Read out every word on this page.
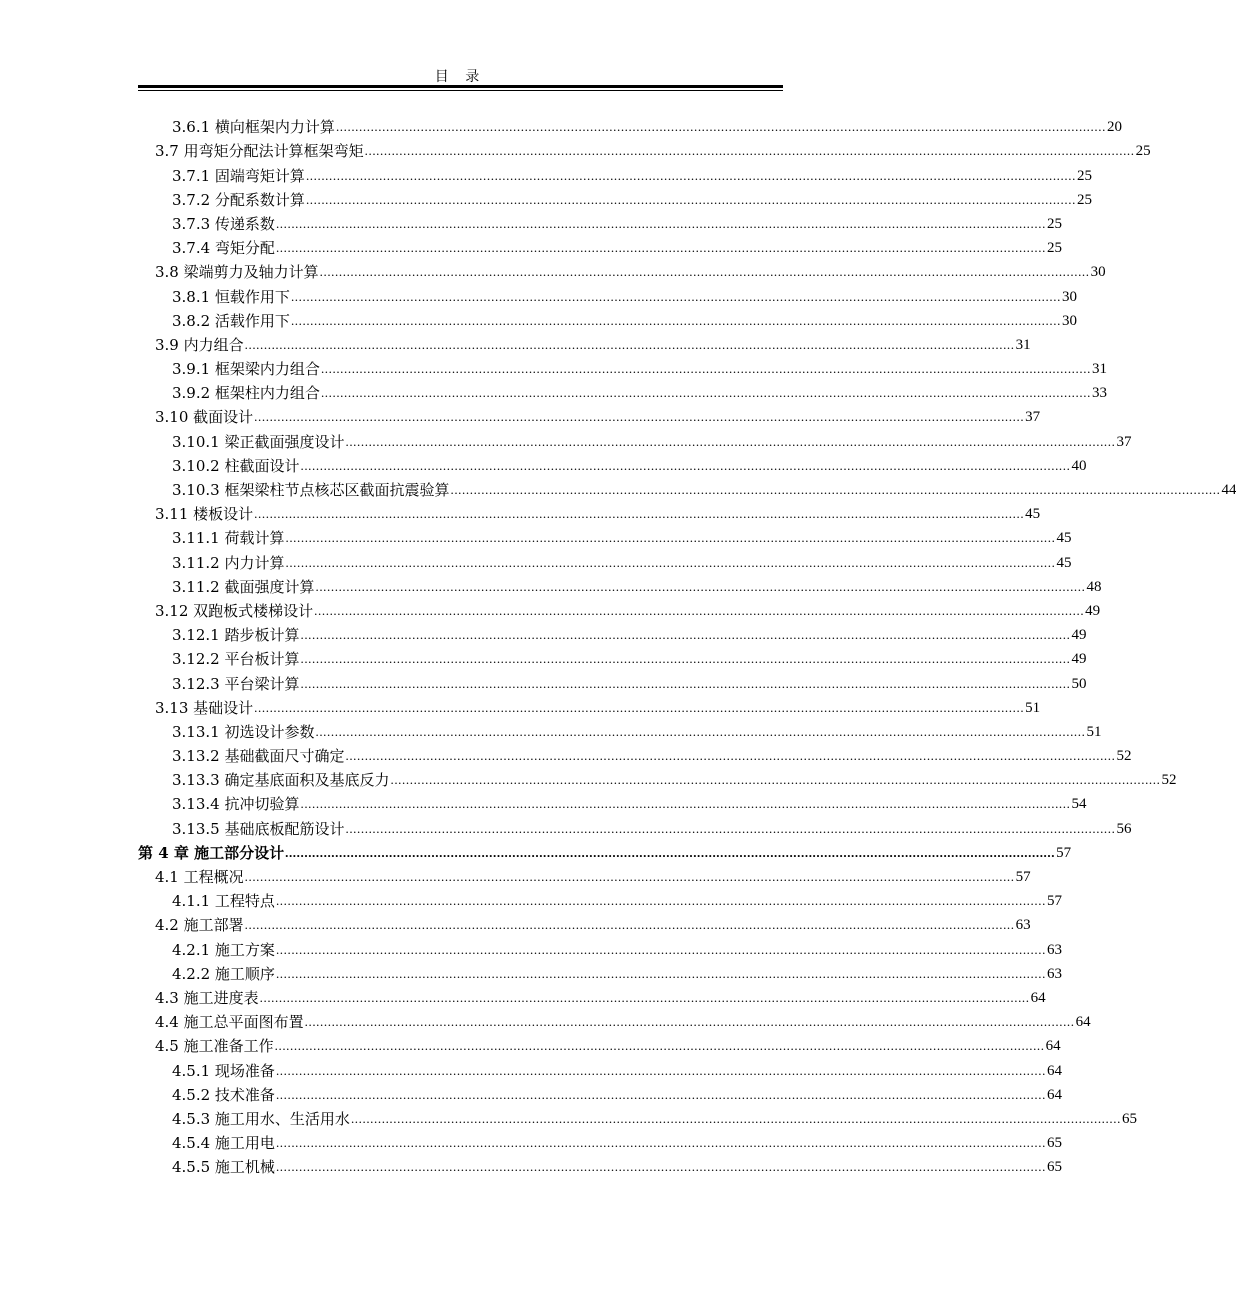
目 录
3.6.1 横向框架内力计算 ........................................................................................................................................................................................................ 20
3.7 用弯矩分配法计算框架弯矩 ........................................................................................................................................................................................................ 25
3.7.1 固端弯矩计算 ........................................................................................................................................................................................................ 25
3.7.2 分配系数计算 ........................................................................................................................................................................................................ 25
3.7.3 传递系数 ........................................................................................................................................................................................................ 25
3.7.4 弯矩分配 ........................................................................................................................................................................................................ 25
3.8 梁端剪力及轴力计算 ........................................................................................................................................................................................................ 30
3.8.1 恒载作用下 ........................................................................................................................................................................................................ 30
3.8.2 活载作用下 ........................................................................................................................................................................................................ 30
3.9 内力组合 ........................................................................................................................................................................................................ 31
3.9.1 框架梁内力组合 ........................................................................................................................................................................................................ 31
3.9.2 框架柱内力组合 ........................................................................................................................................................................................................ 33
3.10 截面设计 ........................................................................................................................................................................................................ 37
3.10.1 梁正截面强度设计 ........................................................................................................................................................................................................ 37
3.10.2 柱截面设计 ........................................................................................................................................................................................................ 40
3.10.3 框架梁柱节点核芯区截面抗震验算 ........................................................................................................................................................................................................ 44
3.11 楼板设计 ........................................................................................................................................................................................................ 45
3.11.1 荷载计算 ........................................................................................................................................................................................................ 45
3.11.2 内力计算 ........................................................................................................................................................................................................ 45
3.11.2 截面强度计算 ........................................................................................................................................................................................................ 48
3.12 双跑板式楼梯设计 ........................................................................................................................................................................................................ 49
3.12.1 踏步板计算 ........................................................................................................................................................................................................ 49
3.12.2 平台板计算 ........................................................................................................................................................................................................ 49
3.12.3 平台梁计算 ........................................................................................................................................................................................................ 50
3.13 基础设计 ........................................................................................................................................................................................................ 51
3.13.1 初选设计参数 ........................................................................................................................................................................................................ 51
3.13.2 基础截面尺寸确定 ........................................................................................................................................................................................................ 52
3.13.3 确定基底面积及基底反力 ........................................................................................................................................................................................................ 52
3.13.4 抗冲切验算 ........................................................................................................................................................................................................ 54
3.13.5 基础底板配筋设计 ........................................................................................................................................................................................................ 56
第 4 章 施工部分设计 ........................................................................................................................................................................................................ 57
4.1 工程概况 ........................................................................................................................................................................................................ 57
4.1.1 工程特点 ........................................................................................................................................................................................................ 57
4.2 施工部署 ........................................................................................................................................................................................................ 63
4.2.1 施工方案 ........................................................................................................................................................................................................ 63
4.2.2 施工顺序 ........................................................................................................................................................................................................ 63
4.3 施工进度表 ........................................................................................................................................................................................................ 64
4.4 施工总平面图布置 ........................................................................................................................................................................................................ 64
4.5 施工准备工作 ........................................................................................................................................................................................................ 64
4.5.1 现场准备 ........................................................................................................................................................................................................ 64
4.5.2 技术准备 ........................................................................................................................................................................................................ 64
4.5.3 施工用水、生活用水 ........................................................................................................................................................................................................ 65
4.5.4 施工用电 ........................................................................................................................................................................................................ 65
4.5.5 施工机械 ........................................................................................................................................................................................................ 65
